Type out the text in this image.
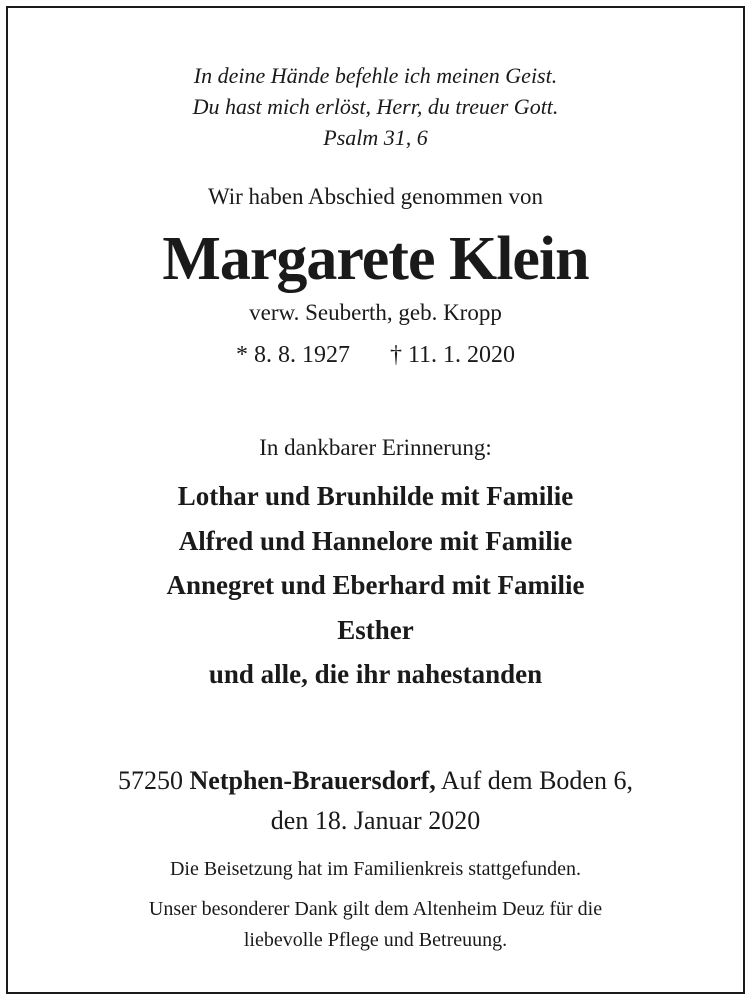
In deine Hände befehle ich meinen Geist.
Du hast mich erlöst, Herr, du treuer Gott.
Psalm 31, 6
Wir haben Abschied genommen von
Margarete Klein
verw. Seuberth, geb. Kropp
* 8. 8. 1927 † 11. 1. 2020
In dankbarer Erinnerung:
Lothar und Brunhilde mit Familie
Alfred und Hannelore mit Familie
Annegret und Eberhard mit Familie
Esther
und alle, die ihr nahestanden
57250 Netphen-Brauersdorf, Auf dem Boden 6,
den 18. Januar 2020
Die Beisetzung hat im Familienkreis stattgefunden.
Unser besonderer Dank gilt dem Altenheim Deuz für die
liebevolle Pflege und Betreuung.
